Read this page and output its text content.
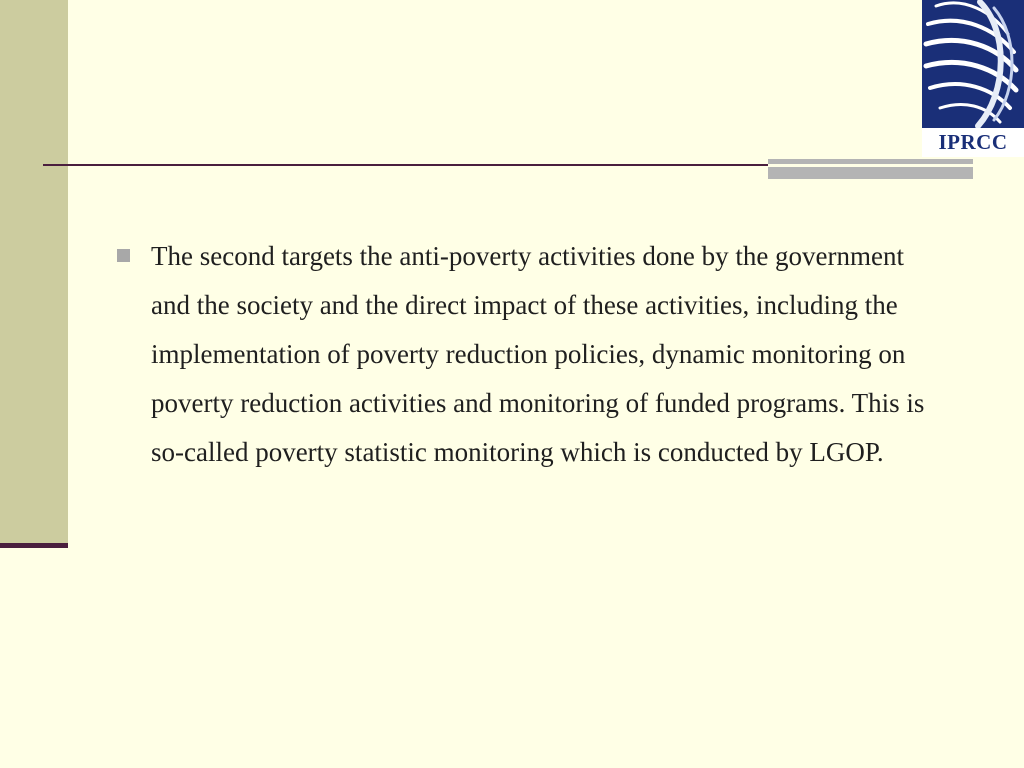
IPRCC
The second targets the anti-poverty activities done by the government and the society and the direct impact of these activities, including the implementation of poverty reduction policies, dynamic monitoring on poverty reduction activities and monitoring of funded programs. This is so-called poverty statistic monitoring which is conducted by LGOP.
